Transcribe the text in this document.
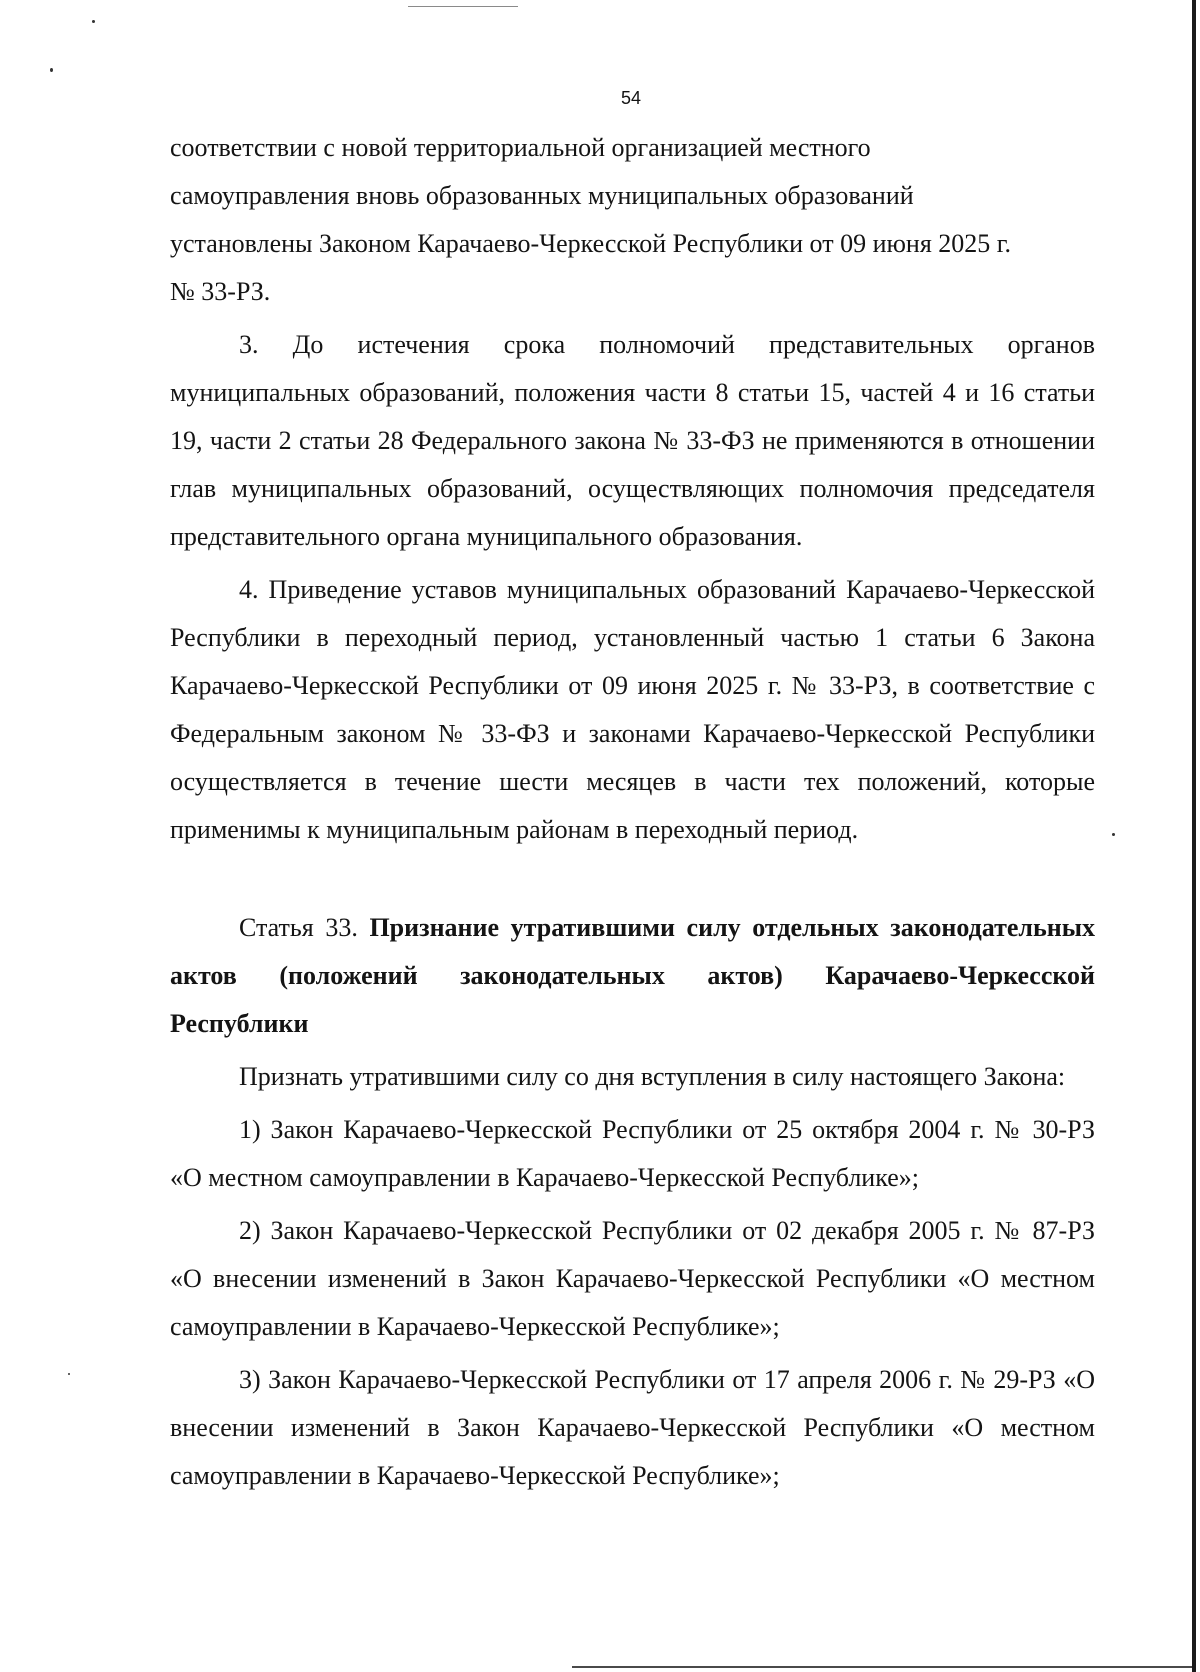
54

соответствии с новой территориальной организацией местного

самоуправления вновь образованных муниципальных образований

установлены Законом Карачаево-Черкесской Республики от 09 июня 2025 г.

№ 33-РЗ.

3. До истечения срока полномочий представительных органов муниципальных образований, положения части 8 статьи 15, частей 4 и 16 статьи 19, части 2 статьи 28 Федерального закона № 33-ФЗ не применяются в отношении глав муниципальных образований, осуществляющих полномочия председателя представительного органа муниципального образования.

4. Приведение уставов муниципальных образований Карачаево-Черкесской Республики в переходный период, установленный частью 1 статьи 6 Закона Карачаево-Черкесской Республики от 09 июня 2025 г. № 33-РЗ, в соответствие с Федеральным законом № 33-ФЗ и законами Карачаево-Черкесской Республики осуществляется в течение шести месяцев в части тех положений, которые применимы к муниципальным районам в переходный период.

Статья 33. Признание утратившими силу отдельных законодательных актов (положений законодательных актов) Карачаево-Черкесской Республики

Признать утратившими силу со дня вступления в силу настоящего Закона:

1) Закон Карачаево-Черкесской Республики от 25 октября 2004 г. № 30-РЗ «О местном самоуправлении в Карачаево-Черкесской Республике»;

2) Закон Карачаево-Черкесской Республики от 02 декабря 2005 г. № 87-РЗ «О внесении изменений в Закон Карачаево-Черкесской Республики «О местном самоуправлении в Карачаево-Черкесской Республике»;

3) Закон Карачаево-Черкесской Республики от 17 апреля 2006 г. № 29-РЗ «О внесении изменений в Закон Карачаево-Черкесской Республики «О местном самоуправлении в Карачаево-Черкесской Республике»;
